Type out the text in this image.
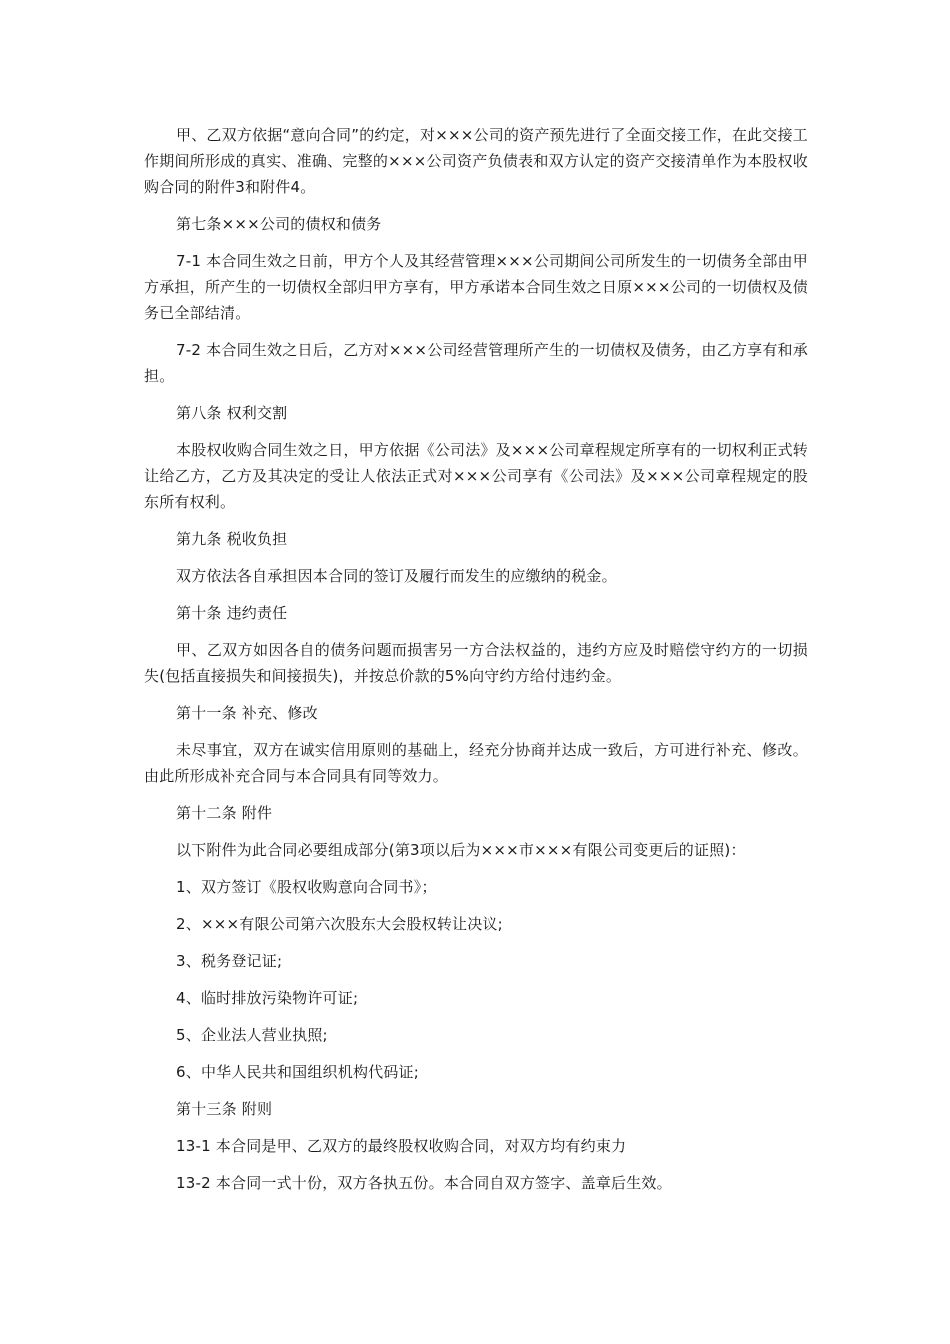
甲、乙双方依据“意向合同”的约定，对×××公司的资产预先进行了全面交接工作，在此交接工作期间所形成的真实、准确、完整的×××公司资产负债表和双方认定的资产交接清单作为本股权收购合同的附件3和附件4。

第七条×××公司的债权和债务

7-1 本合同生效之日前，甲方个人及其经营管理×××公司期间公司所发生的一切债务全部由甲方承担，所产生的一切债权全部归甲方享有，甲方承诺本合同生效之日原×××公司的一切债权及债务已全部结清。

7-2 本合同生效之日后，乙方对×××公司经营管理所产生的一切债权及债务，由乙方享有和承担。

第八条 权利交割

本股权收购合同生效之日，甲方依据《公司法》及×××公司章程规定所享有的一切权利正式转让给乙方，乙方及其决定的受让人依法正式对×××公司享有《公司法》及×××公司章程规定的股东所有权利。

第九条 税收负担

双方依法各自承担因本合同的签订及履行而发生的应缴纳的税金。

第十条 违约责任

甲、乙双方如因各自的债务问题而损害另一方合法权益的，违约方应及时赔偿守约方的一切损失(包括直接损失和间接损失)，并按总价款的5%向守约方给付违约金。

第十一条 补充、修改

未尽事宜，双方在诚实信用原则的基础上，经充分协商并达成一致后，方可进行补充、修改。由此所形成补充合同与本合同具有同等效力。

第十二条 附件

以下附件为此合同必要组成部分(第3项以后为×××市×××有限公司变更后的证照)：

1、双方签订《股权收购意向合同书》；

2、×××有限公司第六次股东大会股权转让决议;

3、税务登记证;

4、临时排放污染物许可证;

5、企业法人营业执照;

6、中华人民共和国组织机构代码证;

第十三条 附则

13-1 本合同是甲、乙双方的最终股权收购合同，对双方均有约束力

13-2 本合同一式十份，双方各执五份。本合同自双方签字、盖章后生效。
